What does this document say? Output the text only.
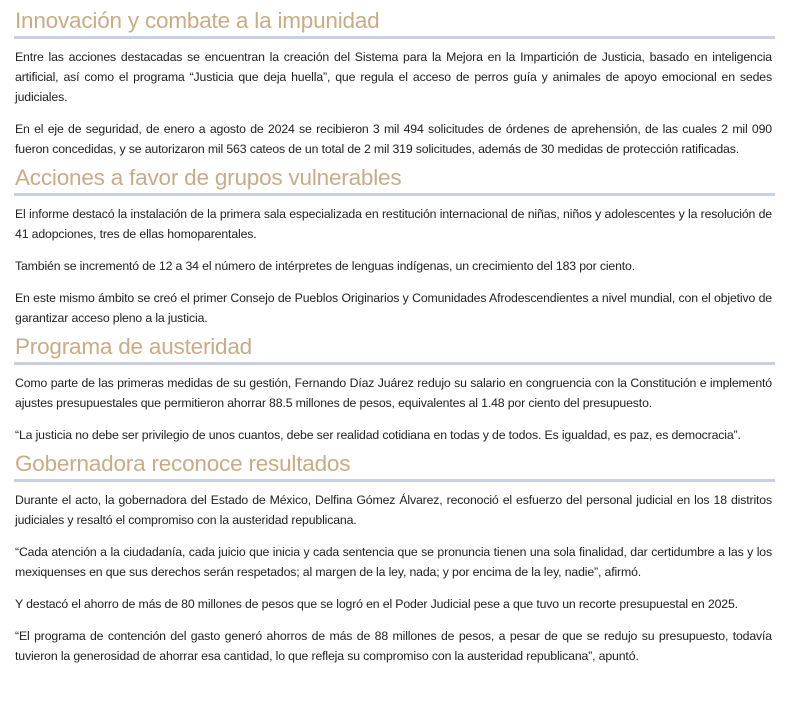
Innovación y combate a la impunidad

Entre las acciones destacadas se encuentran la creación del Sistema para la Mejora en la Impartición de Justicia, basado en inteligencia artificial, así como el programa “Justicia que deja huella”, que regula el acceso de perros guía y animales de apoyo emocional en sedes judiciales.

En el eje de seguridad, de enero a agosto de 2024 se recibieron 3 mil 494 solicitudes de órdenes de aprehensión, de las cuales 2 mil 090 fueron concedidas, y se autorizaron mil 563 cateos de un total de 2 mil 319 solicitudes, además de 30 medidas de protección ratificadas.

Acciones a favor de grupos vulnerables

El informe destacó la instalación de la primera sala especializada en restitución internacional de niñas, niños y adolescentes y la resolución de 41 adopciones, tres de ellas homoparentales.

También se incrementó de 12 a 34 el número de intérpretes de lenguas indígenas, un crecimiento del 183 por ciento.

En este mismo ámbito se creó el primer Consejo de Pueblos Originarios y Comunidades Afrodescendientes a nivel mundial, con el objetivo de garantizar acceso pleno a la justicia.

Programa de austeridad

Como parte de las primeras medidas de su gestión, Fernando Díaz Juárez redujo su salario en congruencia con la Constitución e implementó ajustes presupuestales que permitieron ahorrar 88.5 millones de pesos, equivalentes al 1.48 por ciento del presupuesto.

“La justicia no debe ser privilegio de unos cuantos, debe ser realidad cotidiana en todas y de todos. Es igualdad, es paz, es democracia”.

Gobernadora reconoce resultados

Durante el acto, la gobernadora del Estado de México, Delfina Gómez Álvarez, reconoció el esfuerzo del personal judicial en los 18 distritos judiciales y resaltó el compromiso con la austeridad republicana.

“Cada atención a la ciudadanía, cada juicio que inicia y cada sentencia que se pronuncia tienen una sola finalidad, dar certidumbre a las y los mexiquenses en que sus derechos serán respetados; al margen de la ley, nada; y por encima de la ley, nadie”, afirmó.

Y destacó el ahorro de más de 80 millones de pesos que se logró en el Poder Judicial pese a que tuvo un recorte presupuestal en 2025.

“El programa de contención del gasto generó ahorros de más de 88 millones de pesos, a pesar de que se redujo su presupuesto, todavía tuvieron la generosidad de ahorrar esa cantidad, lo que refleja su compromiso con la austeridad republicana”, apuntó.
